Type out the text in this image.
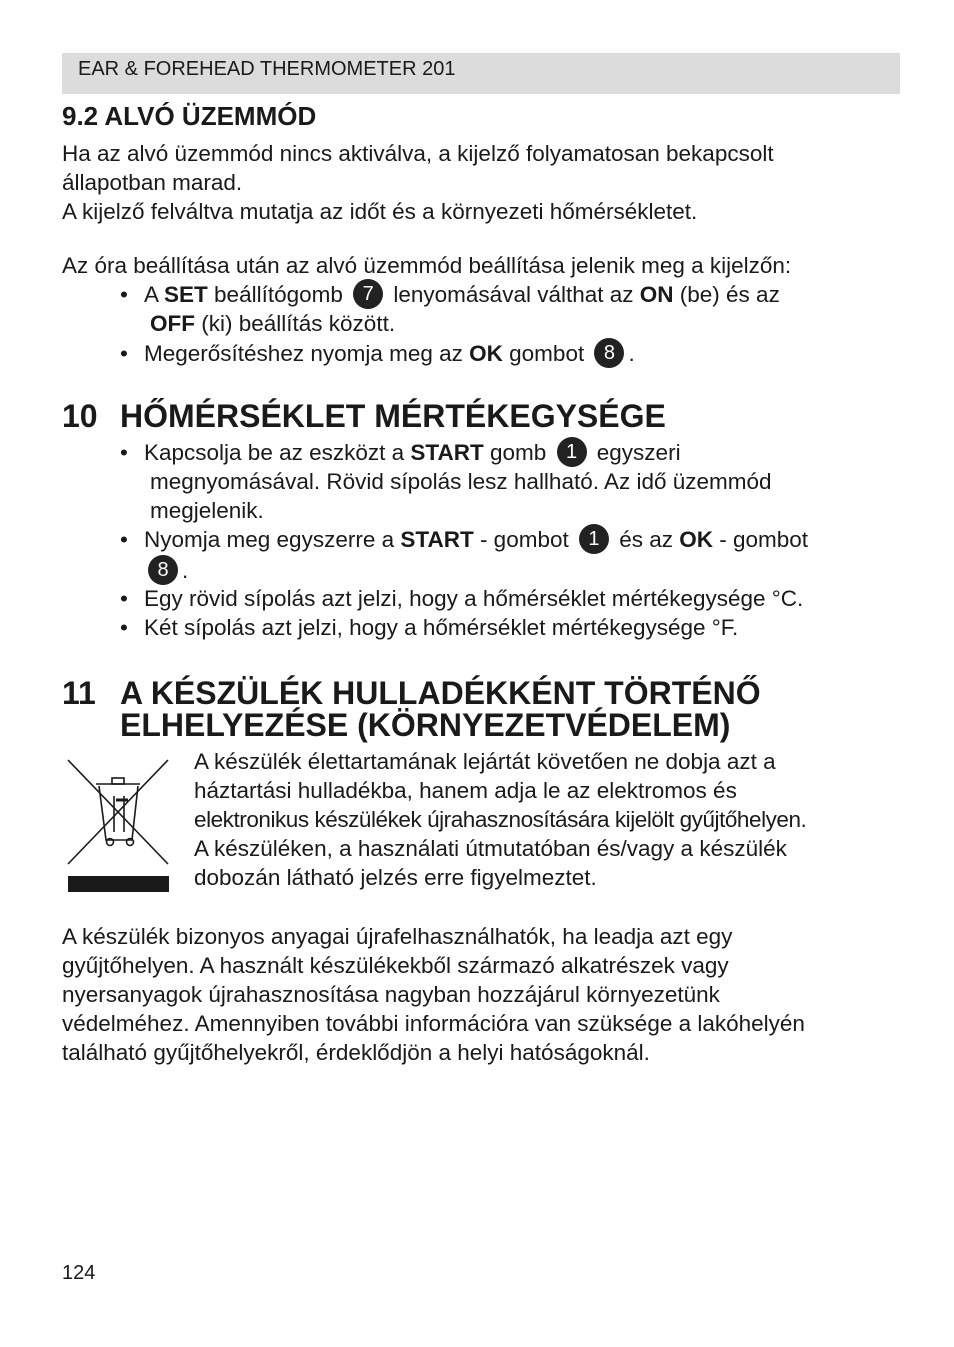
EAR & FOREHEAD THERMOMETER 201
9.2 ALVÓ ÜZEMMÓD

Ha az alvó üzemmód nincs aktiválva, a kijelző folyamatosan bekapcsolt

állapotban marad.

A kijelző felváltva mutatja az időt és a környezeti hőmérsékletet.

Az óra beállítása után az alvó üzemmód beállítása jelenik meg a kijelzőn:

• A SET beállítógomb 7 lenyomásával válthat az ON (be) és az
OFF (ki) beállítás között.
• Megerősítéshez nyomja meg az OK gombot 8 .
10 HŐMÉRSÉKLET MÉRTÉKEGYSÉGE
• Kapcsolja be az eszközt a START gomb 1 egyszeri
megnyomásával. Rövid sípolás lesz hallható. Az idő üzemmód
megjelenik.
• Nyomja meg egyszerre a START - gombot 1 és az OK - gombot
8 .
• Egy rövid sípolás azt jelzi, hogy a hőmérséklet mértékegysége °C.
• Két sípolás azt jelzi, hogy a hőmérséklet mértékegysége °F.
11 A KÉSZÜLÉK HULLADÉKKÉNT TÖRTÉNŐ
ELHELYEZÉSE (KÖRNYEZETVÉDELEM)

A készülék élettartamának lejártát követően ne dobja azt a

háztartási hulladékba, hanem adja le az elektromos és

elektronikus készülékek újrahasznosítására kijelölt gyűjtőhelyen.

A készüléken, a használati útmutatóban és/vagy a készülék

dobozán látható jelzés erre figyelmeztet.

A készülék bizonyos anyagai újrafelhasználhatók, ha leadja azt egy

gyűjtőhelyen. A használt készülékekből származó alkatrészek vagy

nyersanyagok újrahasznosítása nagyban hozzájárul környezetünk

védelméhez. Amennyiben további információra van szüksége a lakóhelyén

található gyűjtőhelyekről, érdeklődjön a helyi hatóságoknál.

124
